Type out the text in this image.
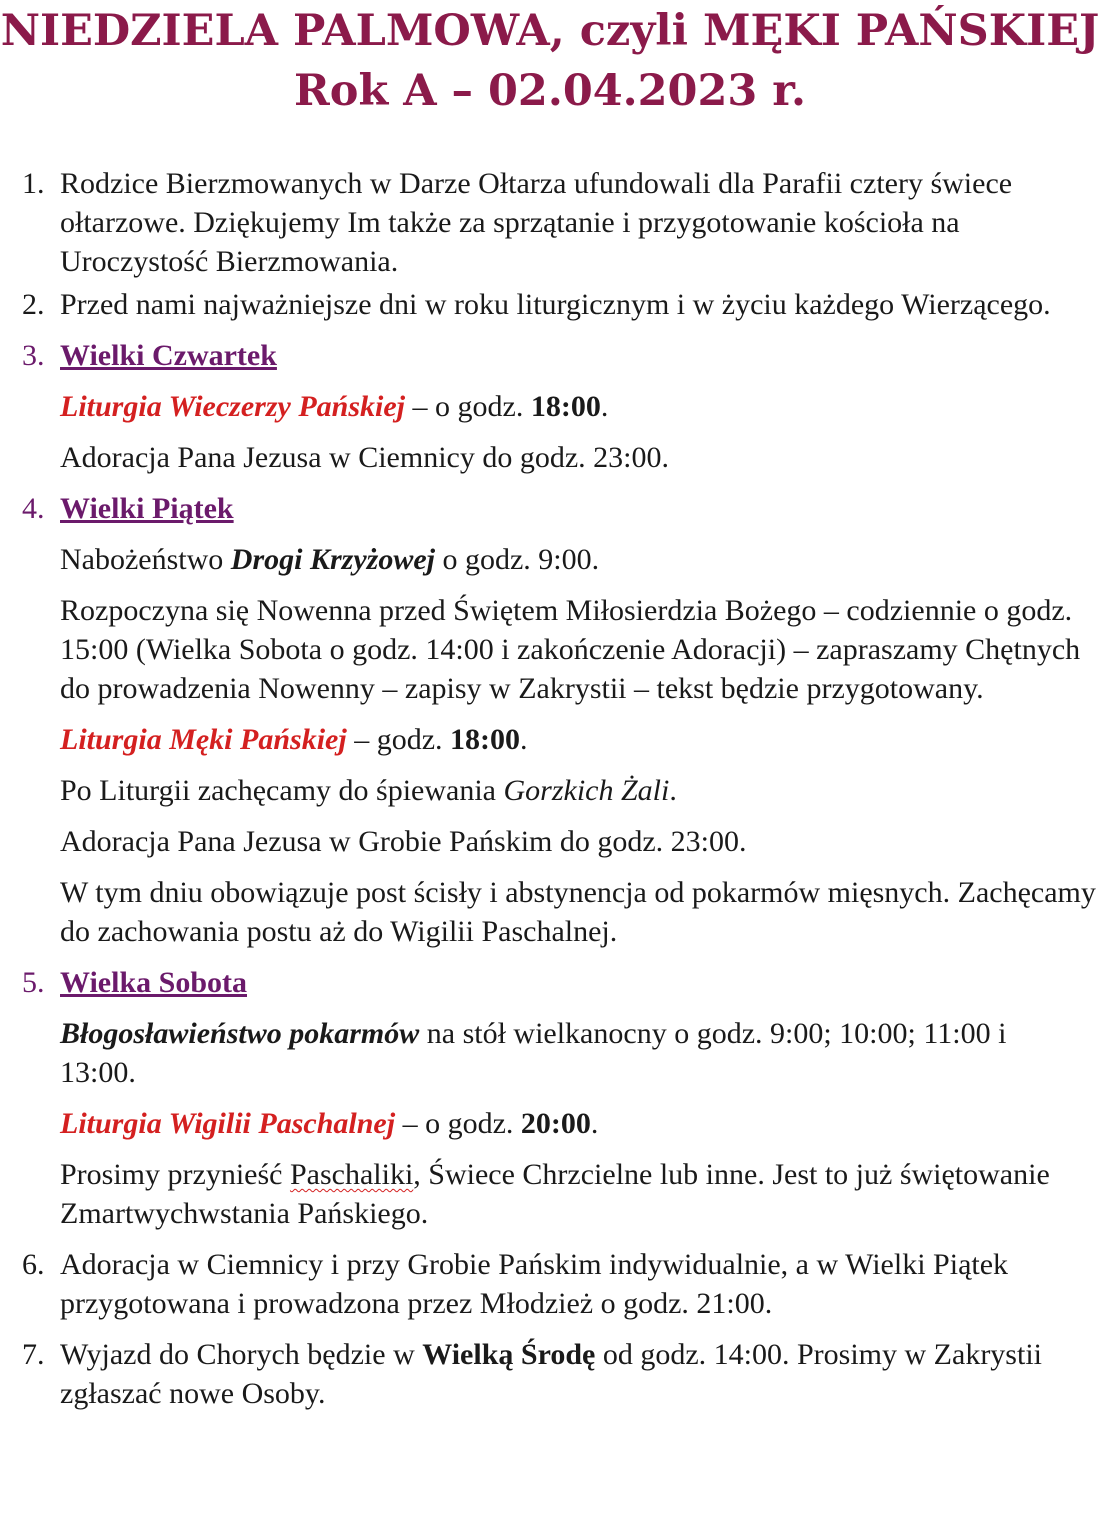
NIEDZIELA PALMOWA, czyli MĘKI PAŃSKIEJ
Rok A – 02.04.2023 r.
1. Rodzice Bierzmowanych w Darze Ołtarza ufundowali dla Parafii cztery świece ołtarzowe. Dziękujemy Im także za sprzątanie i przygotowanie kościoła na Uroczystość Bierzmowania.
2. Przed nami najważniejsze dni w roku liturgicznym i w życiu każdego Wierzącego.
3. Wielki Czwartek
Liturgia Wieczerzy Pańskiej – o godz. 18:00.
Adoracja Pana Jezusa w Ciemnicy do godz. 23:00.
4. Wielki Piątek
Nabożeństwo Drogi Krzyżowej o godz. 9:00.
Rozpoczyna się Nowenna przed Świętem Miłosierdzia Bożego – codziennie o godz. 15:00 (Wielka Sobota o godz. 14:00 i zakończenie Adoracji) – zapraszamy Chętnych do prowadzenia Nowenny – zapisy w Zakrystii – tekst będzie przygotowany.
Liturgia Męki Pańskiej – godz. 18:00.
Po Liturgii zachęcamy do śpiewania Gorzkich Żali.
Adoracja Pana Jezusa w Grobie Pańskim do godz. 23:00.
W tym dniu obowiązuje post ścisły i abstynencja od pokarmów mięsnych. Zachęcamy do zachowania postu aż do Wigilii Paschalnej.
5. Wielka Sobota
Błogosławieństwo pokarmów na stół wielkanocny o godz. 9:00; 10:00; 11:00 i 13:00.
Liturgia Wigilii Paschalnej – o godz. 20:00.
Prosimy przynieść Paschaliki, Świece Chrzcielne lub inne. Jest to już świętowanie Zmartwychwstania Pańskiego.
6. Adoracja w Ciemnicy i przy Grobie Pańskim indywidualnie, a w Wielki Piątek przygotowana i prowadzona przez Młodzież o godz. 21:00.
7. Wyjazd do Chorych będzie w Wielką Środę od godz. 14:00. Prosimy w Zakrystii zgłaszać nowe Osoby.
